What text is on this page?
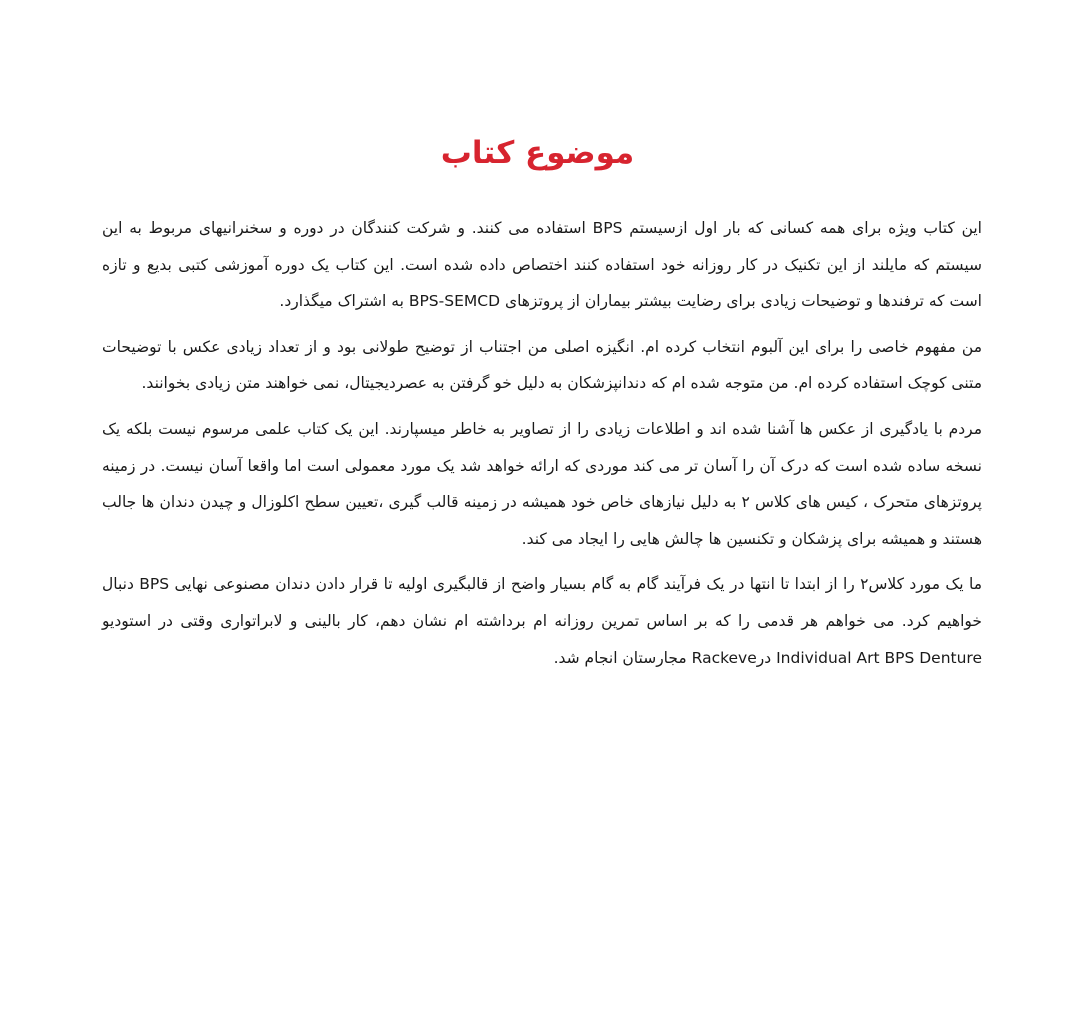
موضوع کتاب

این کتاب ویژه برای همه کسانی که بار اول ازسیستم BPS استفاده می کنند. و شرکت کنندگان در دوره و سخنرانیهای مربوط به این سیستم که مایلند از این تکنیک در کار روزانه خود استفاده کنند اختصاص داده شده است. این کتاب یک دوره آموزشی کتبی بدیع و تازه است که ترفندها و توضیحات زیادی برای رضایت بیشتر بیماران از پروتزهای BPS-SEMCD به اشتراک میگذارد.

من مفهوم خاصی را برای این آلبوم انتخاب کرده ام. انگیزه اصلی من اجتناب از توضیح طولانی بود و از تعداد زیادی عکس با توضیحات متنی کوچک استفاده کرده ام. من متوجه شده ام که دندانپزشکان به دلیل خو گرفتن به عصردیجیتال، نمی خواهند متن زیادی بخوانند.

مردم با یادگیری از عکس ها آشنا شده اند و اطلاعات زیادی را از تصاویر به خاطر میسپارند. این یک کتاب علمی مرسوم نیست بلکه یک نسخه ساده شده است که درک آن را آسان تر می کند موردی که ارائه خواهد شد یک مورد معمولی است اما واقعا آسان نیست. در زمینه پروتزهای متحرک ، کیس های کلاس ۲ به دلیل نیازهای خاص خود همیشه در زمینه قالب گیری ،تعیین سطح اکلوزال و چیدن دندان ها جالب هستند و همیشه برای پزشکان و تکنسین ها چالش هایی را ایجاد می کند.

ما یک مورد کلاس۲ را از ابتدا تا انتها در یک فرآیند گام به گام بسیار واضح از قالبگیری اولیه تا قرار دادن دندان مصنوعی نهایی BPS دنبال خواهیم کرد. می خواهم هر قدمی را که بر اساس تمرین روزانه ام برداشته ام نشان دهم، کار بالینی و لابراتواری وقتی در استودیو Individual Art BPS Denture درRackeve مجارستان انجام شد.
